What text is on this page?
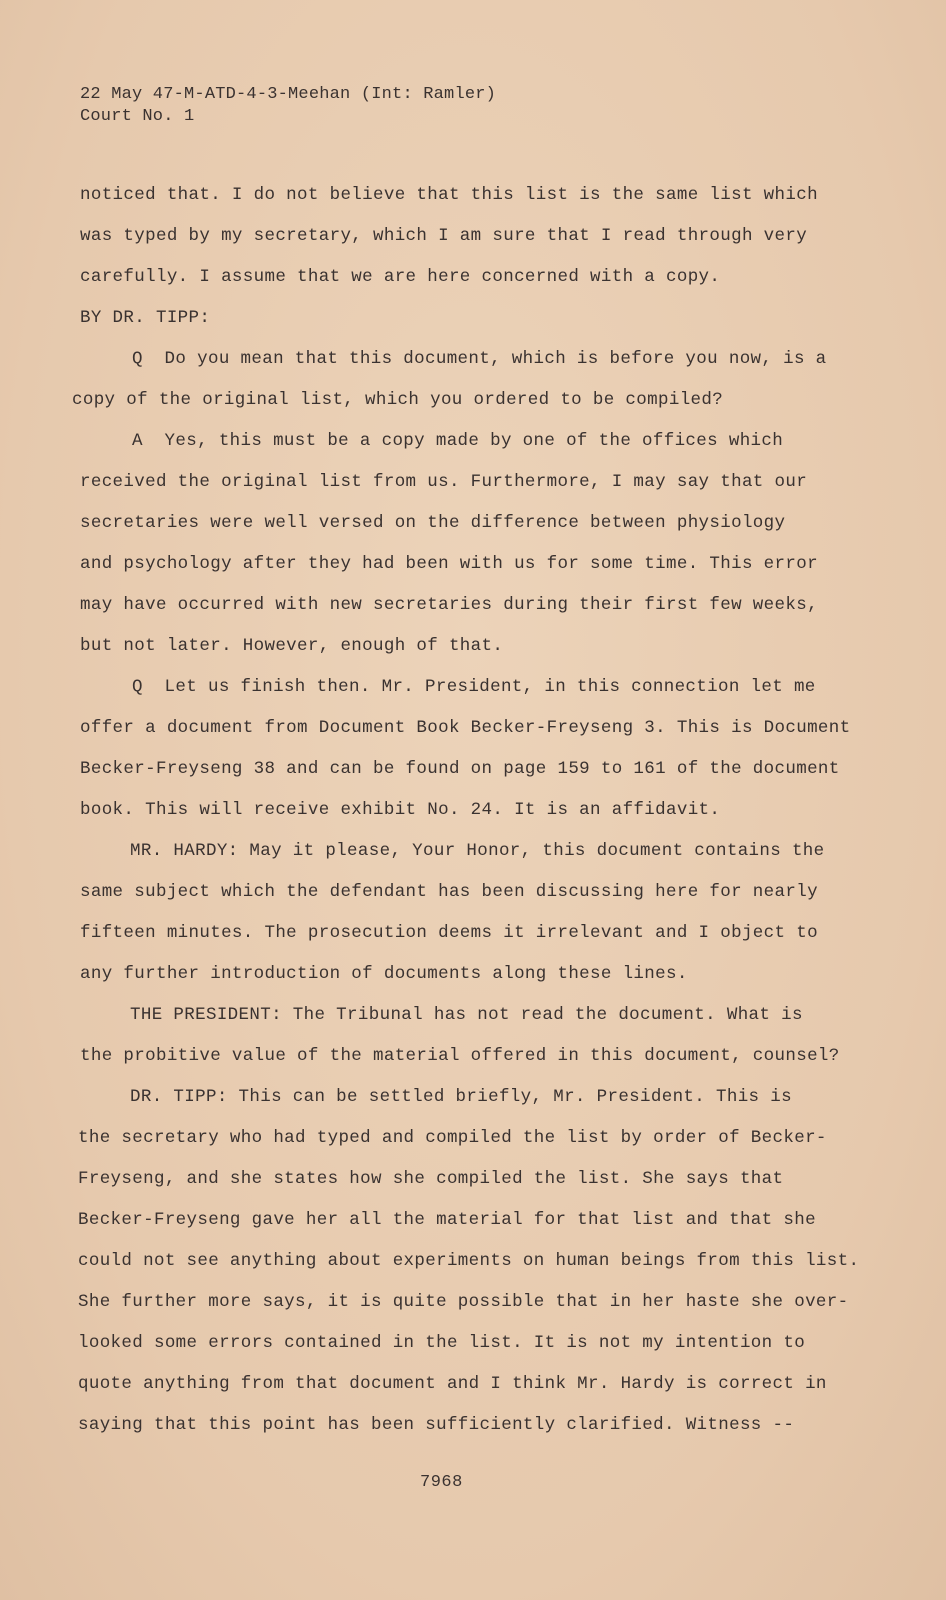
22 May 47-M-ATD-4-3-Meehan (Int: Ramler)
Court No. 1
noticed that. I do not believe that this list is the same list which
was typed by my secretary, which I am sure that I read through very
carefully. I assume that we are here concerned with a copy.
BY DR. TIPP:
Q  Do you mean that this document, which is before you now, is a
copy of the original list, which you ordered to be compiled?
A  Yes, this must be a copy made by one of the offices which
received the original list from us. Furthermore, I may say that our
secretaries were well versed on the difference between physiology
and psychology after they had been with us for some time. This error
may have occurred with new secretaries during their first few weeks,
but not later. However, enough of that.
Q  Let us finish then. Mr. President, in this connection let me
offer a document from Document Book Becker-Freyseng 3. This is Document
Becker-Freyseng 38 and can be found on page 159 to 161 of the document
book. This will receive exhibit No. 24. It is an affidavit.
MR. HARDY: May it please, Your Honor, this document contains the
same subject which the defendant has been discussing here for nearly
fifteen minutes. The prosecution deems it irrelevant and I object to
any further introduction of documents along these lines.
THE PRESIDENT: The Tribunal has not read the document. What is
the probitive value of the material offered in this document, counsel?
DR. TIPP: This can be settled briefly, Mr. President. This is
the secretary who had typed and compiled the list by order of Becker-
Freyseng, and she states how she compiled the list. She says that
Becker-Freyseng gave her all the material for that list and that she
could not see anything about experiments on human beings from this list.
She further more says, it is quite possible that in her haste she over-
looked some errors contained in the list. It is not my intention to
quote anything from that document and I think Mr. Hardy is correct in
saying that this point has been sufficiently clarified. Witness --
7968
